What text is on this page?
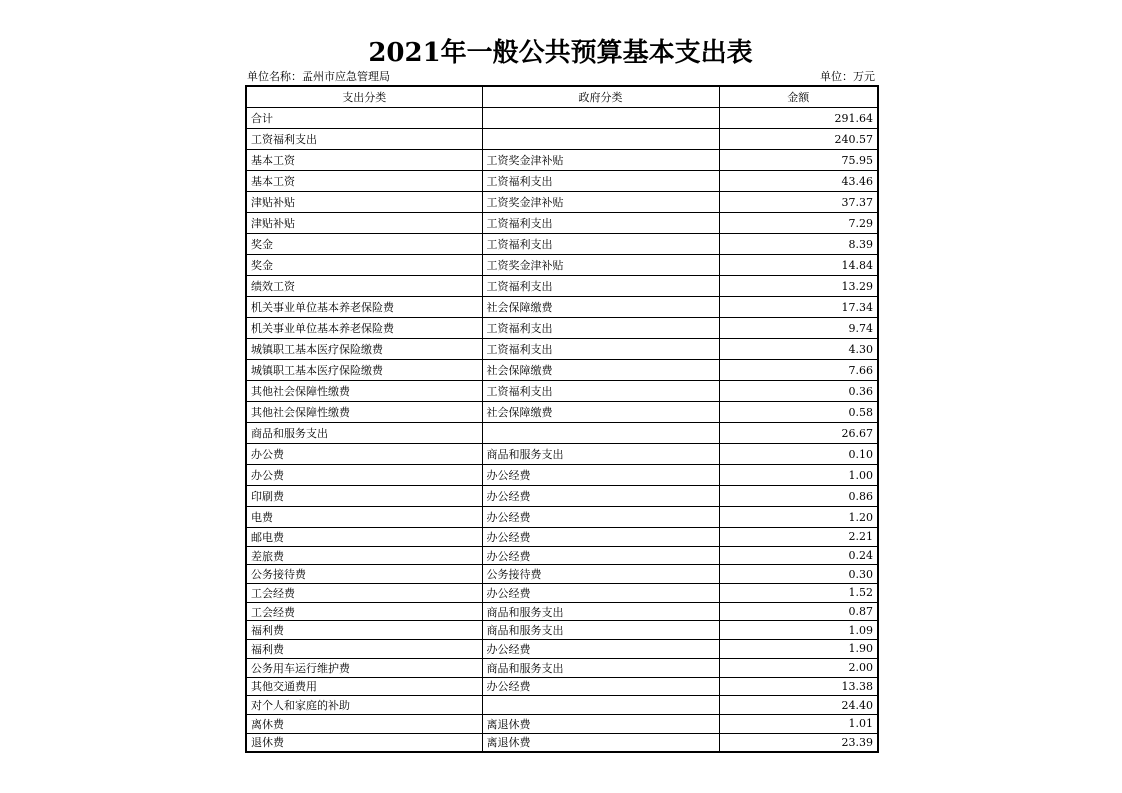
2021年一般公共预算基本支出表
单位名称：孟州市应急管理局	单位：万元
支出分类	政府分类	金额
合计		291.64
工资福利支出		240.57
基本工资	工资奖金津补贴	75.95
基本工资	工资福利支出	43.46
津贴补贴	工资奖金津补贴	37.37
津贴补贴	工资福利支出	7.29
奖金	工资福利支出	8.39
奖金	工资奖金津补贴	14.84
绩效工资	工资福利支出	13.29
机关事业单位基本养老保险费	社会保障缴费	17.34
机关事业单位基本养老保险费	工资福利支出	9.74
城镇职工基本医疗保险缴费	工资福利支出	4.30
城镇职工基本医疗保险缴费	社会保障缴费	7.66
其他社会保障性缴费	工资福利支出	0.36
其他社会保障性缴费	社会保障缴费	0.58
商品和服务支出		26.67
办公费	商品和服务支出	0.10
办公费	办公经费	1.00
印刷费	办公经费	0.86
电费	办公经费	1.20
邮电费	办公经费	2.21
差旅费	办公经费	0.24
公务接待费	公务接待费	0.30
工会经费	办公经费	1.52
工会经费	商品和服务支出	0.87
福利费	商品和服务支出	1.09
福利费	办公经费	1.90
公务用车运行维护费	商品和服务支出	2.00
其他交通费用	办公经费	13.38
对个人和家庭的补助		24.40
离休费	离退休费	1.01
退休费	离退休费	23.39
